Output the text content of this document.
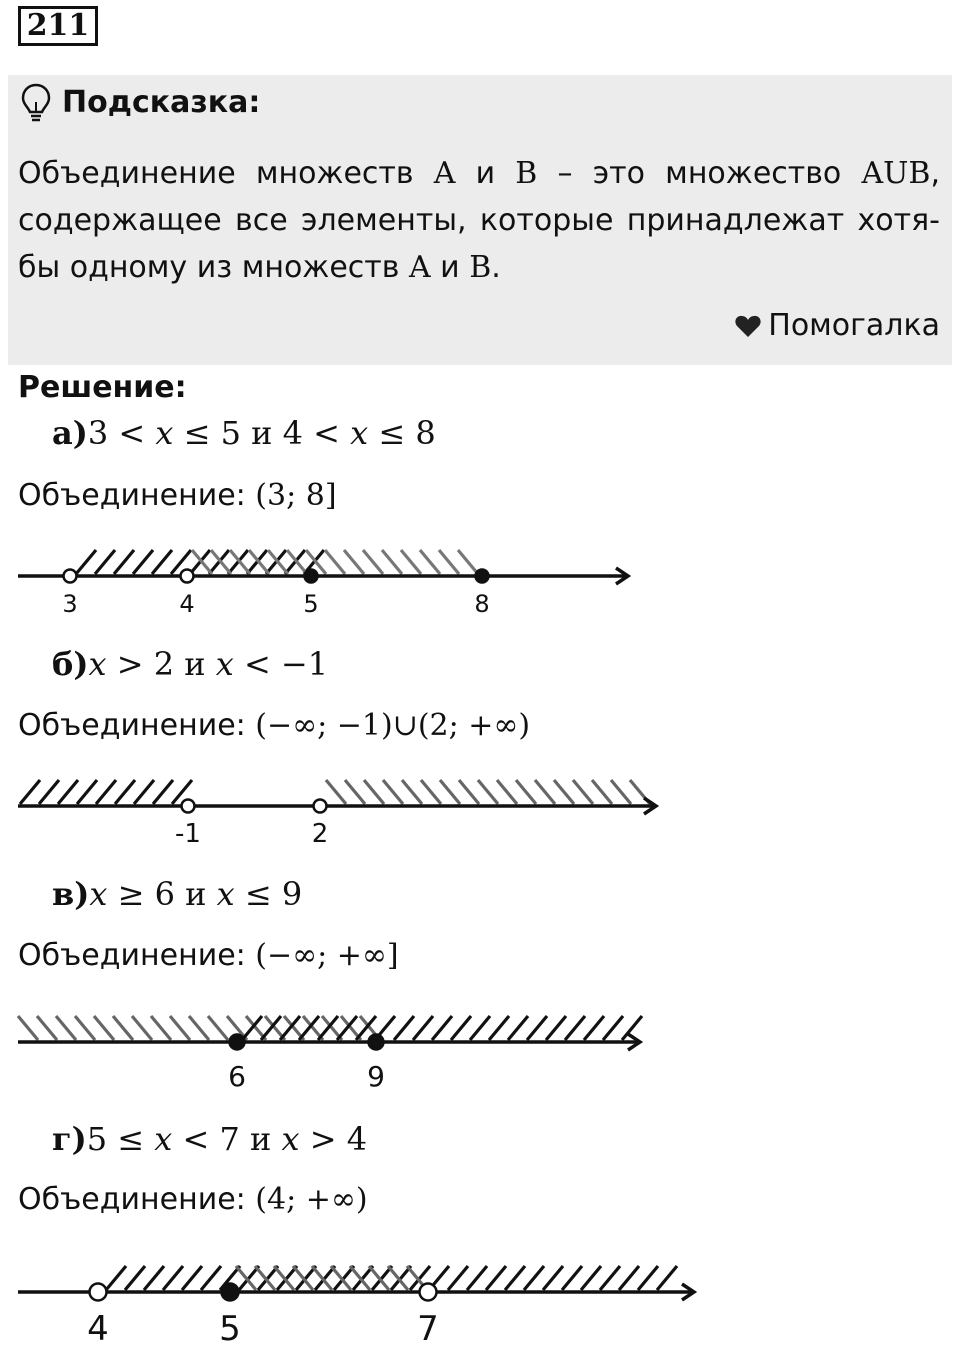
211
Подсказка:
Объединение множеств A и B – это множество AUB, содержащее все элементы, которые принадлежат хотя-бы одному из множеств A и B.
Помогалка
Решение:
а)3 < 𝑥 ≤ 5 и 4 < 𝑥 ≤ 8
Объединение: (3; 8]
3	4	5	8
б)𝑥 > 2 и 𝑥 < −1
Объединение: (−∞; −1)∪(2; +∞)
-1	2
в)𝑥 ≥ 6 и 𝑥 ≤ 9
Объединение: (−∞; +∞]
6	9
г)5 ≤ 𝑥 < 7 и 𝑥 > 4
Объединение: (4; +∞)
4	5	7
